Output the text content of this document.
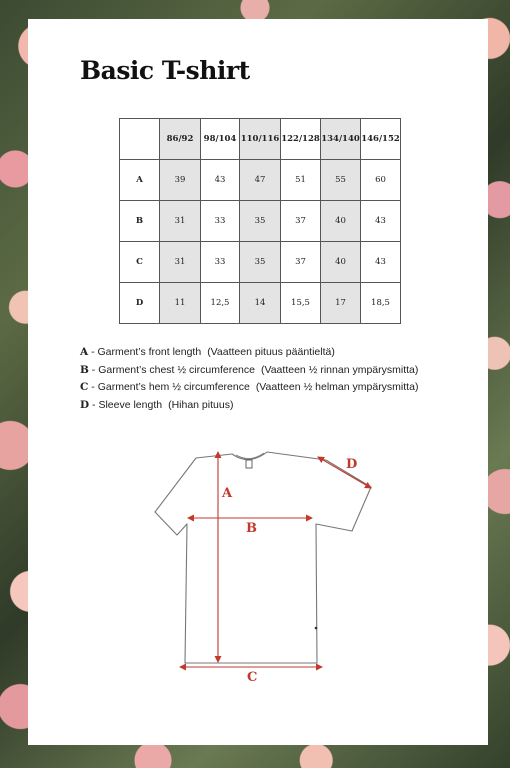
Basic T-shirt
	86/92	98/104	110/116	122/128	134/140	146/152
A	39	43	47	51	55	60
B	31	33	35	37	40	43
C	31	33	35	37	40	43
D	11	12,5	14	15,5	17	18,5
A - Garment’s front length (Vaatteen pituus pääntieltä)
B - Garment’s chest ½ circumference (Vaatteen ½ rinnan ympärysmitta)
C - Garment’s hem ½ circumference (Vaatteen ½ helman ympärysmitta)
D - Sleeve length (Hihan pituus)
A
B
C
D
